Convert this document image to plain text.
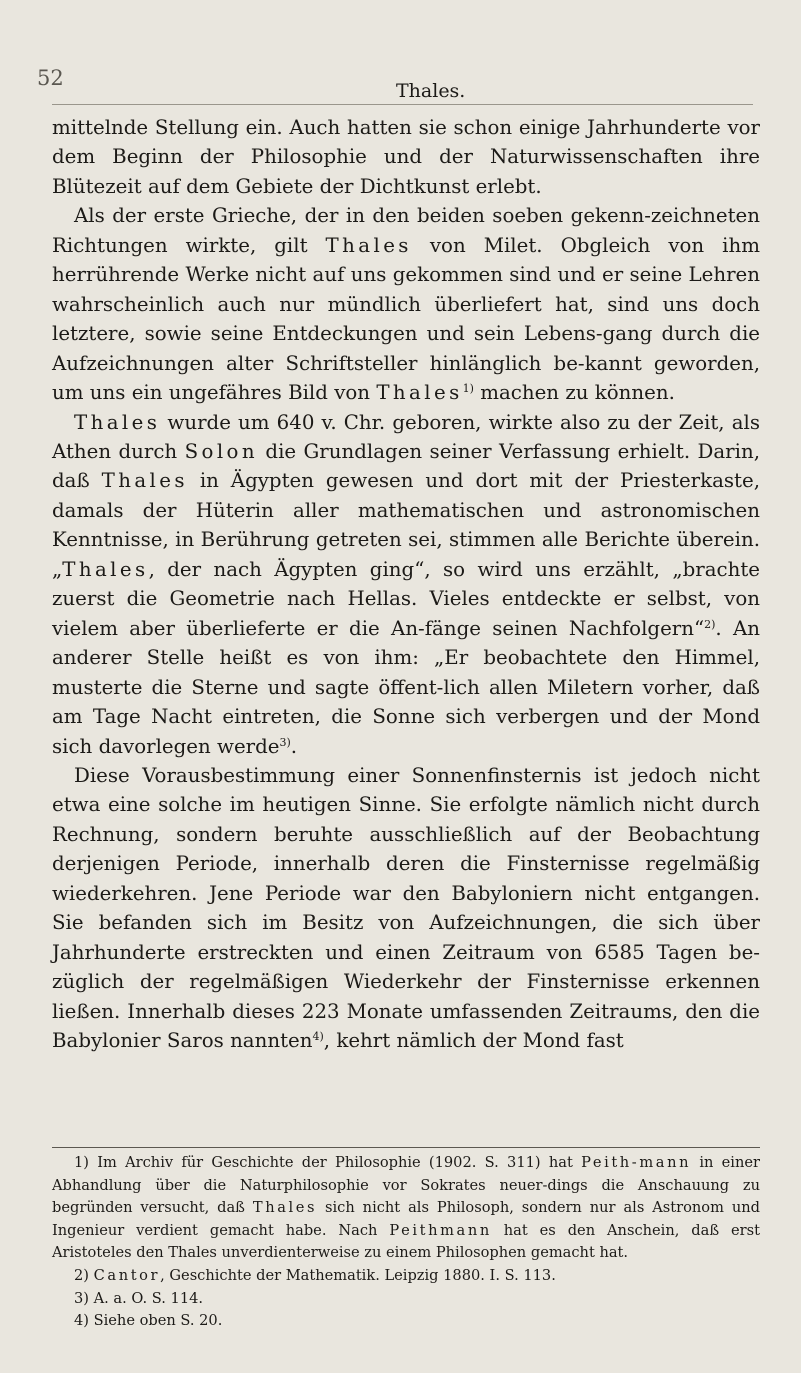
52
Thales.

mittelnde Stellung ein. Auch hatten sie schon einige Jahrhunderte vor dem Beginn der Philosophie und der Naturwissenschaften ihre Blütezeit auf dem Gebiete der Dichtkunst erlebt.

Als der erste Grieche, der in den beiden soeben gekenn-zeichneten Richtungen wirkte, gilt Thales von Milet. Obgleich von ihm herrührende Werke nicht auf uns gekommen sind und er seine Lehren wahrscheinlich auch nur mündlich überliefert hat, sind uns doch letztere, sowie seine Entdeckungen und sein Lebens-gang durch die Aufzeichnungen alter Schriftsteller hinlänglich be-kannt geworden, um uns ein ungefähres Bild von Thales$^{1)}$ machen zu können.

Thales wurde um 640 v. Chr. geboren, wirkte also zu der Zeit, als Athen durch Solon die Grundlagen seiner Verfassung erhielt. Darin, daß Thales in Ägypten gewesen und dort mit der Priesterkaste, damals der Hüterin aller mathematischen und astronomischen Kenntnisse, in Berührung getreten sei, stimmen alle Berichte überein. „Thales, der nach Ägypten ging“, so wird uns erzählt, „brachte zuerst die Geometrie nach Hellas. Vieles entdeckte er selbst, von vielem aber überlieferte er die An-fänge seinen Nachfolgern“$^{2)}$. An anderer Stelle heißt es von ihm: „Er beobachtete den Himmel, musterte die Sterne und sagte öffent-lich allen Miletern vorher, daß am Tage Nacht eintreten, die Sonne sich verbergen und der Mond sich davorlegen werde$^{3)}$.

Diese Vorausbestimmung einer Sonnenfinsternis ist jedoch nicht etwa eine solche im heutigen Sinne. Sie erfolgte nämlich nicht durch Rechnung, sondern beruhte ausschließlich auf der Beobachtung derjenigen Periode, innerhalb deren die Finsternisse regelmäßig wiederkehren. Jene Periode war den Babyloniern nicht entgangen. Sie befanden sich im Besitz von Aufzeichnungen, die sich über Jahrhunderte erstreckten und einen Zeitraum von 6585 Tagen be-züglich der regelmäßigen Wiederkehr der Finsternisse erkennen ließen. Innerhalb dieses 223 Monate umfassenden Zeitraums, den die Babylonier Saros nannten$^{4)}$, kehrt nämlich der Mond fast

1) Im Archiv für Geschichte der Philosophie (1902. S. 311) hat Peith-mann in einer Abhandlung über die Naturphilosophie vor Sokrates neuer-dings die Anschauung zu begründen versucht, daß Thales sich nicht als Philosoph, sondern nur als Astronom und Ingenieur verdient gemacht habe. Nach Peithmann hat es den Anschein, daß erst Aristoteles den Thales unverdienterweise zu einem Philosophen gemacht hat.

2) Cantor, Geschichte der Mathematik. Leipzig 1880. I. S. 113.

3) A. a. O. S. 114.

4) Siehe oben S. 20.
